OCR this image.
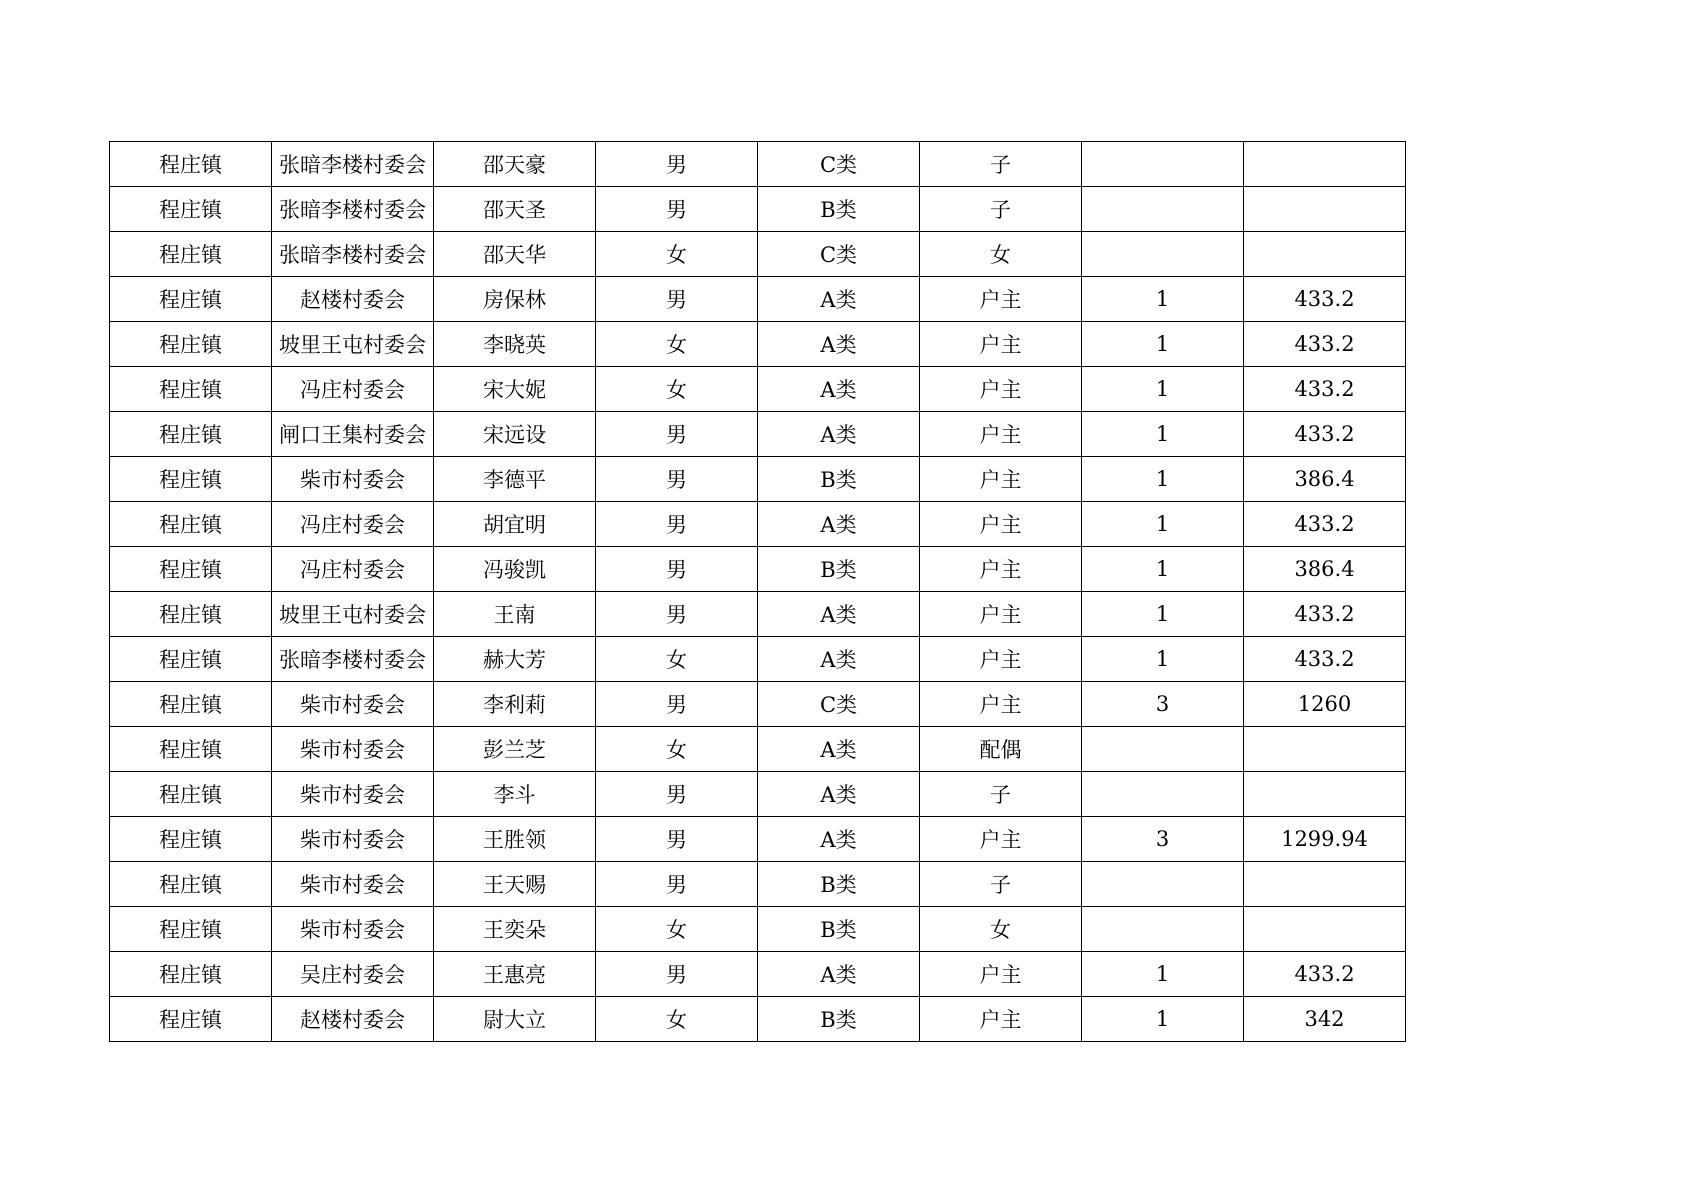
程庄镇	张暗李楼村委会	邵天豪	男	C类	子		
程庄镇	张暗李楼村委会	邵天圣	男	B类	子		
程庄镇	张暗李楼村委会	邵天华	女	C类	女		
程庄镇	赵楼村委会	房保林	男	A类	户主	1	433.2
程庄镇	坡里王屯村委会	李晓英	女	A类	户主	1	433.2
程庄镇	冯庄村委会	宋大妮	女	A类	户主	1	433.2
程庄镇	闸口王集村委会	宋远设	男	A类	户主	1	433.2
程庄镇	柴市村委会	李德平	男	B类	户主	1	386.4
程庄镇	冯庄村委会	胡宜明	男	A类	户主	1	433.2
程庄镇	冯庄村委会	冯骏凯	男	B类	户主	1	386.4
程庄镇	坡里王屯村委会	王南	男	A类	户主	1	433.2
程庄镇	张暗李楼村委会	赫大芳	女	A类	户主	1	433.2
程庄镇	柴市村委会	李利莉	男	C类	户主	3	1260
程庄镇	柴市村委会	彭兰芝	女	A类	配偶		
程庄镇	柴市村委会	李斗	男	A类	子		
程庄镇	柴市村委会	王胜领	男	A类	户主	3	1299.94
程庄镇	柴市村委会	王天赐	男	B类	子		
程庄镇	柴市村委会	王奕朵	女	B类	女		
程庄镇	吴庄村委会	王惠亮	男	A类	户主	1	433.2
程庄镇	赵楼村委会	尉大立	女	B类	户主	1	342
